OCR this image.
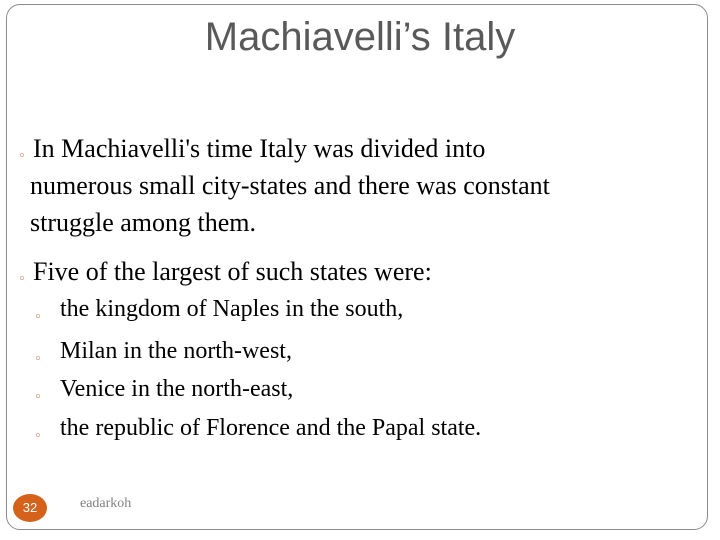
Machiavelli’s Italy
◦ In Machiavelli's time Italy was divided into
numerous small city-states and there was constant
struggle among them.
◦ Five of the largest of such states were:
◦ the kingdom of Naples in the south,
◦ Milan in the north-west,
◦ Venice in the north-east,
◦ the republic of Florence and the Papal state.
32	eadarkoh
